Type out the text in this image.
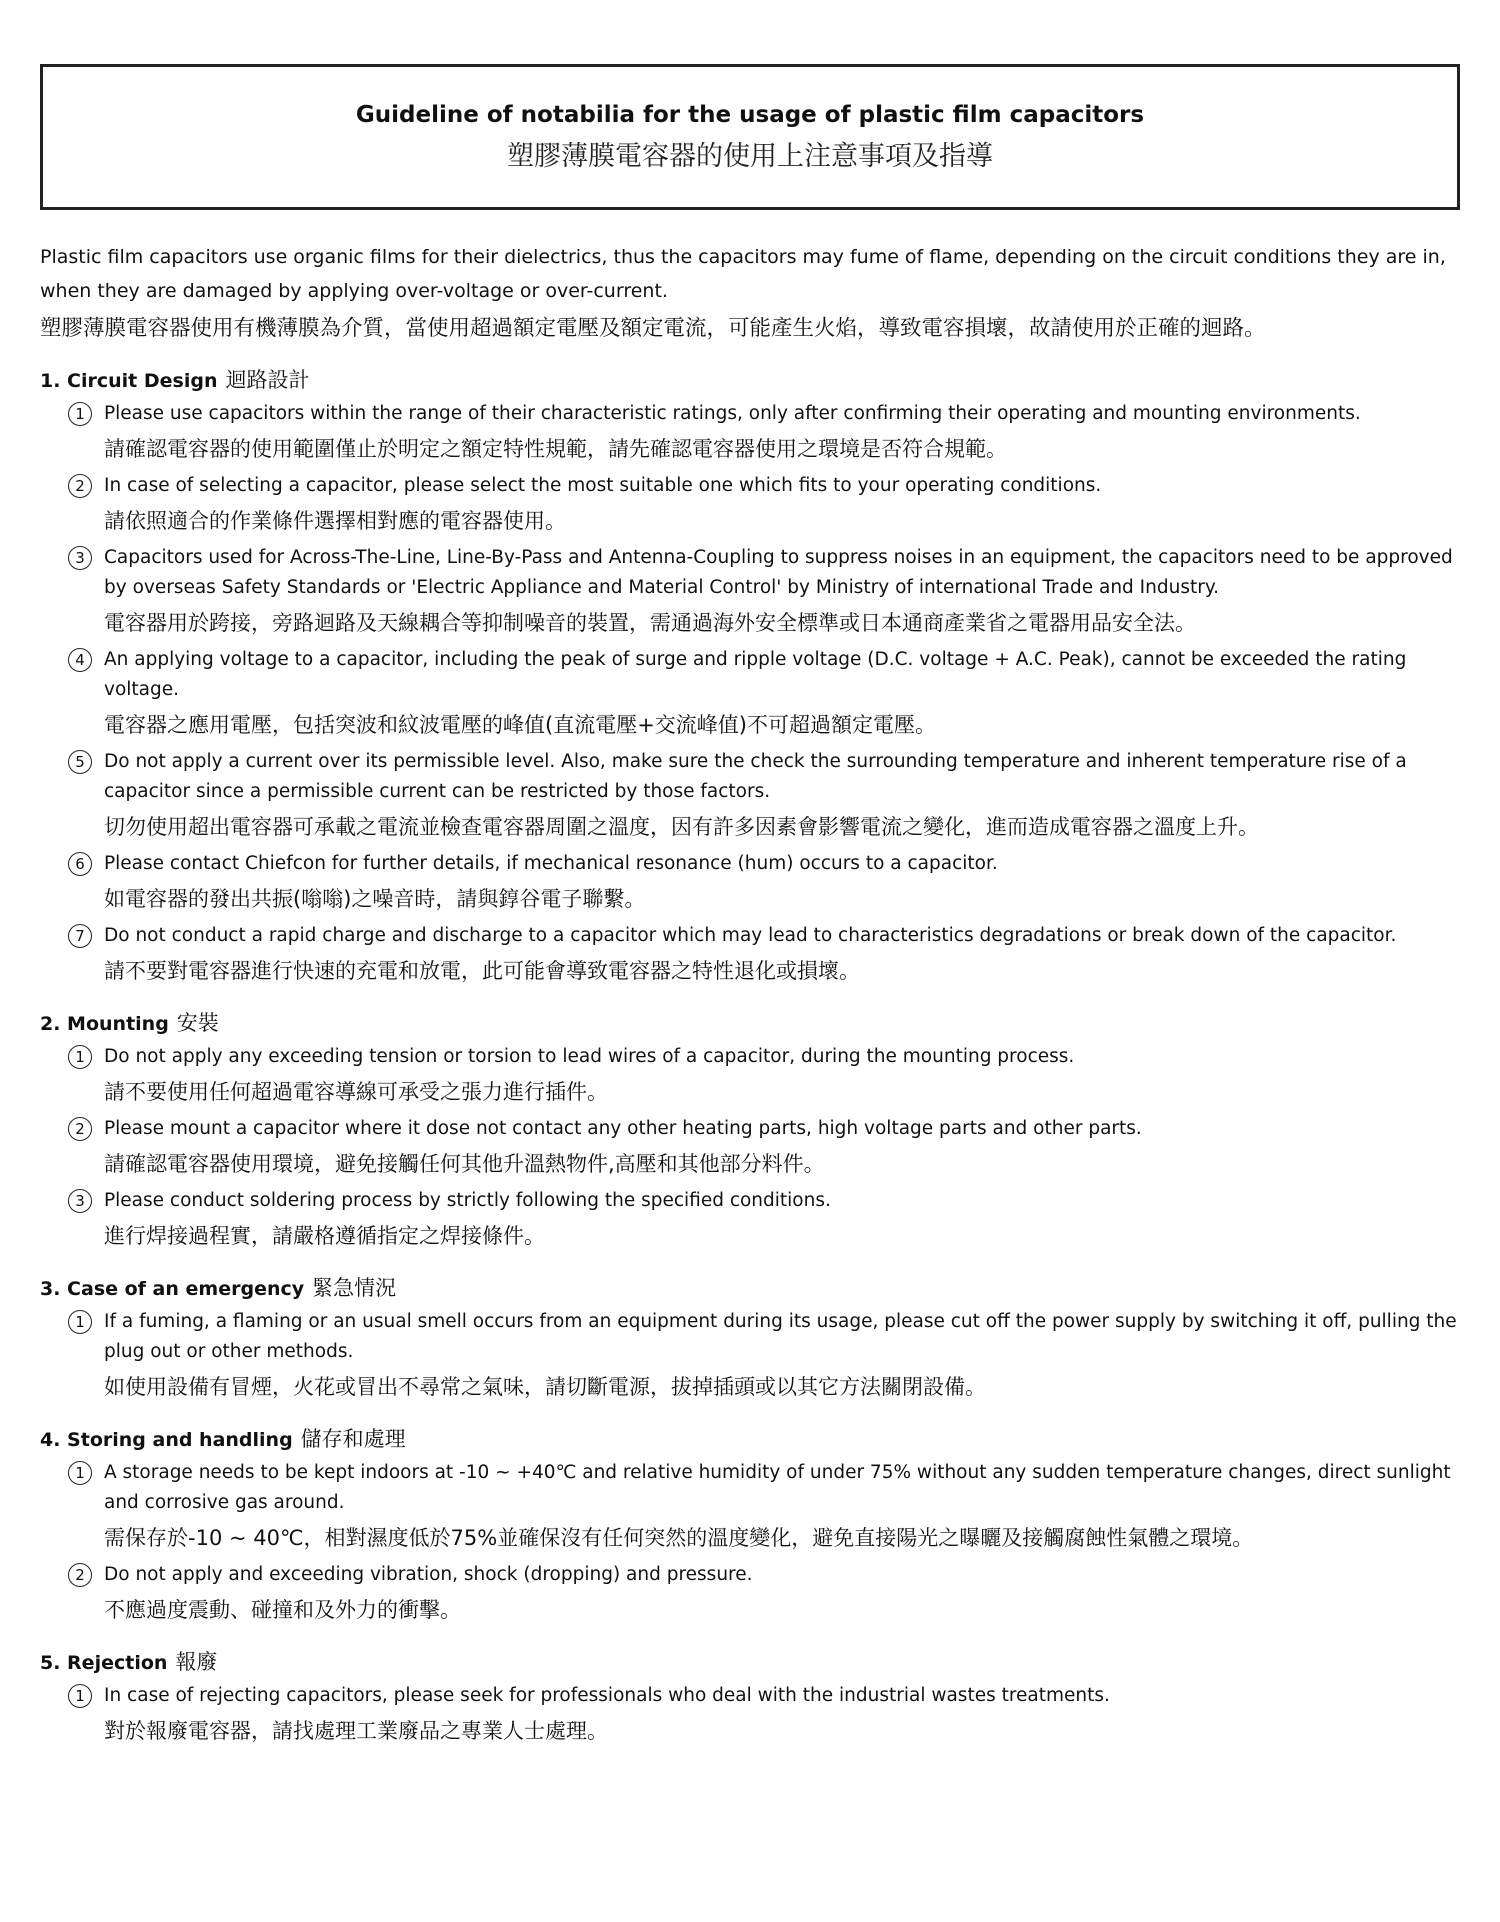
Guideline of notabilia for the usage of plastic film capacitors
塑膠薄膜電容器的使用上注意事項及指導
Plastic film capacitors use organic films for their dielectrics, thus the capacitors may fume of flame, depending on the circuit conditions they are in, when they are damaged by applying over-voltage or over-current.
塑膠薄膜電容器使用有機薄膜為介質，當使用超過額定電壓及額定電流，可能產生火焰，導致電容損壞，故請使用於正確的迴路。
1. Circuit Design 迴路設計
1	Please use capacitors within the range of their characteristic ratings, only after confirming their operating and mounting environments.
請確認電容器的使用範圍僅止於明定之額定特性規範，請先確認電容器使用之環境是否符合規範。
2	In case of selecting a capacitor, please select the most suitable one which fits to your operating conditions.
請依照適合的作業條件選擇相對應的電容器使用。
3	Capacitors used for Across-The-Line, Line-By-Pass and Antenna-Coupling to suppress noises in an equipment, the capacitors need to be approved by overseas Safety Standards or 'Electric Appliance and Material Control' by Ministry of international Trade and Industry.
電容器用於跨接，旁路迴路及天線耦合等抑制噪音的裝置，需通過海外安全標準或日本通商產業省之電器用品安全法。
4	An applying voltage to a capacitor, including the peak of surge and ripple voltage (D.C. voltage + A.C. Peak), cannot be exceeded the rating voltage.
電容器之應用電壓，包括突波和紋波電壓的峰值(直流電壓+交流峰值)不可超過額定電壓。
5	Do not apply a current over its permissible level. Also, make sure the check the surrounding temperature and inherent temperature rise of a capacitor since a permissible current can be restricted by those factors.
切勿使用超出電容器可承載之電流並檢查電容器周圍之溫度，因有許多因素會影響電流之變化，進而造成電容器之溫度上升。
6	Please contact Chiefcon for further details, if mechanical resonance (hum) occurs to a capacitor.
如電容器的發出共振(嗡嗡)之噪音時，請與錞谷電子聯繫。
7	Do not conduct a rapid charge and discharge to a capacitor which may lead to characteristics degradations or break down of the capacitor.
請不要對電容器進行快速的充電和放電，此可能會導致電容器之特性退化或損壞。
2. Mounting 安裝
1	Do not apply any exceeding tension or torsion to lead wires of a capacitor, during the mounting process.
請不要使用任何超過電容導線可承受之張力進行插件。
2	Please mount a capacitor where it dose not contact any other heating parts, high voltage parts and other parts.
請確認電容器使用環境，避免接觸任何其他升溫熱物件,高壓和其他部分料件。
3	Please conduct soldering process by strictly following the specified conditions.
進行焊接過程實，請嚴格遵循指定之焊接條件。
3. Case of an emergency 緊急情況
1	If a fuming, a flaming or an usual smell occurs from an equipment during its usage, please cut off the power supply by switching it off, pulling the plug out or other methods.
如使用設備有冒煙，火花或冒出不尋常之氣味，請切斷電源，拔掉插頭或以其它方法關閉設備。
4. Storing and handling 儲存和處理
1	A storage needs to be kept indoors at -10 ~ +40℃ and relative humidity of under 75% without any sudden temperature changes, direct sunlight and corrosive gas around.
需保存於-10 ~ 40℃，相對濕度低於75%並確保沒有任何突然的溫度變化，避免直接陽光之曝曬及接觸腐蝕性氣體之環境。
2	Do not apply and exceeding vibration, shock (dropping) and pressure.
不應過度震動、碰撞和及外力的衝擊。
5. Rejection 報廢
1	In case of rejecting capacitors, please seek for professionals who deal with the industrial wastes treatments.
對於報廢電容器，請找處理工業廢品之專業人士處理。
